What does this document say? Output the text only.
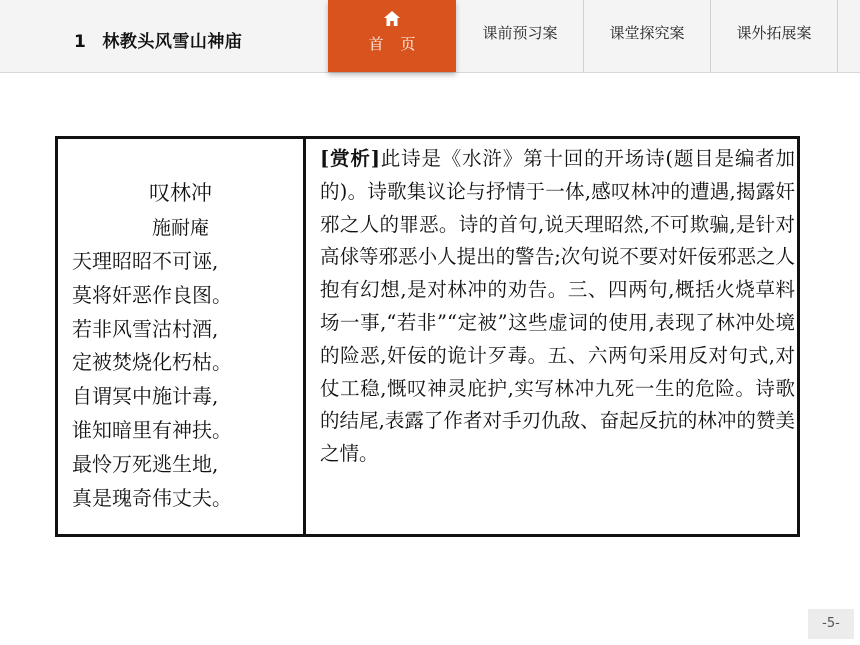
1 林教头风雪山神庙	首 页
课前预习案	课堂探究案	课外拓展案
叹林冲
施耐庵
天理昭昭不可诬,
莫将奸恶作良图。
若非风雪沽村酒,
定被焚烧化朽枯。
自谓冥中施计毒,
谁知暗里有神扶。
最怜万死逃生地,
真是瑰奇伟丈夫。
[赏析]此诗是《水浒》第十回的开场诗(题目是编者加的)。诗歌集议论与抒情于一体,感叹林冲的遭遇,揭露奸邪之人的罪恶。诗的首句,说天理昭然,不可欺骗,是针对高俅等邪恶小人提出的警告;次句说不要对奸佞邪恶之人抱有幻想,是对林冲的劝告。三、四两句,概括火烧草料场一事,“若非”“定被”这些虚词的使用,表现了林冲处境的险恶,奸佞的诡计歹毒。五、六两句采用反对句式,对仗工稳,慨叹神灵庇护,实写林冲九死一生的危险。诗歌的结尾,表露了作者对手刃仇敌、奋起反抗的林冲的赞美之情。
-5-
